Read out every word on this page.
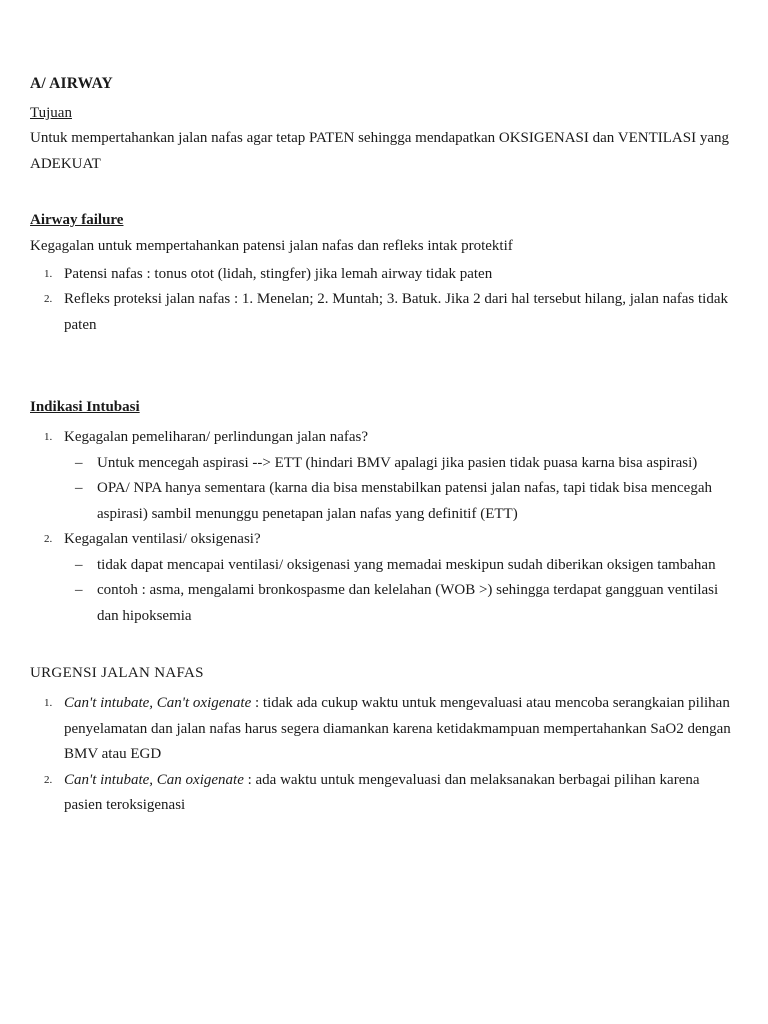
A/ AIRWAY
Tujuan

Untuk mempertahankan jalan nafas agar tetap PATEN sehingga mendapatkan OKSIGENASI dan VENTILASI yang ADEKUAT

Airway failure

Kegagalan untuk mempertahankan patensi jalan nafas dan refleks intak protektif

1. Patensi nafas : tonus otot (lidah, stingfer) jika lemah airway tidak paten
2. Refleks proteksi jalan nafas : 1. Menelan; 2. Muntah; 3. Batuk. Jika 2 dari hal tersebut hilang, jalan nafas tidak paten
Indikasi Intubasi
1. Kegagalan pemeliharan/ perlindungan jalan nafas?
– Untuk mencegah aspirasi --> ETT (hindari BMV apalagi jika pasien tidak puasa karna bisa aspirasi)
– OPA/ NPA hanya sementara (karna dia bisa menstabilkan patensi jalan nafas, tapi tidak bisa mencegah aspirasi) sambil menunggu penetapan jalan nafas yang definitif (ETT)
2. Kegagalan ventilasi/ oksigenasi?
– tidak dapat mencapai ventilasi/ oksigenasi yang memadai meskipun sudah diberikan oksigen tambahan
– contoh : asma, mengalami bronkospasme dan kelelahan (WOB >) sehingga terdapat gangguan ventilasi dan hipoksemia
URGENSI JALAN NAFAS
1. Can't intubate, Can't oxigenate : tidak ada cukup waktu untuk mengevaluasi atau mencoba serangkaian pilihan penyelamatan dan jalan nafas harus segera diamankan karena ketidakmampuan mempertahankan SaO2 dengan BMV atau EGD
2. Can't intubate, Can oxigenate : ada waktu untuk mengevaluasi dan melaksanakan berbagai pilihan karena pasien teroksigenasi
